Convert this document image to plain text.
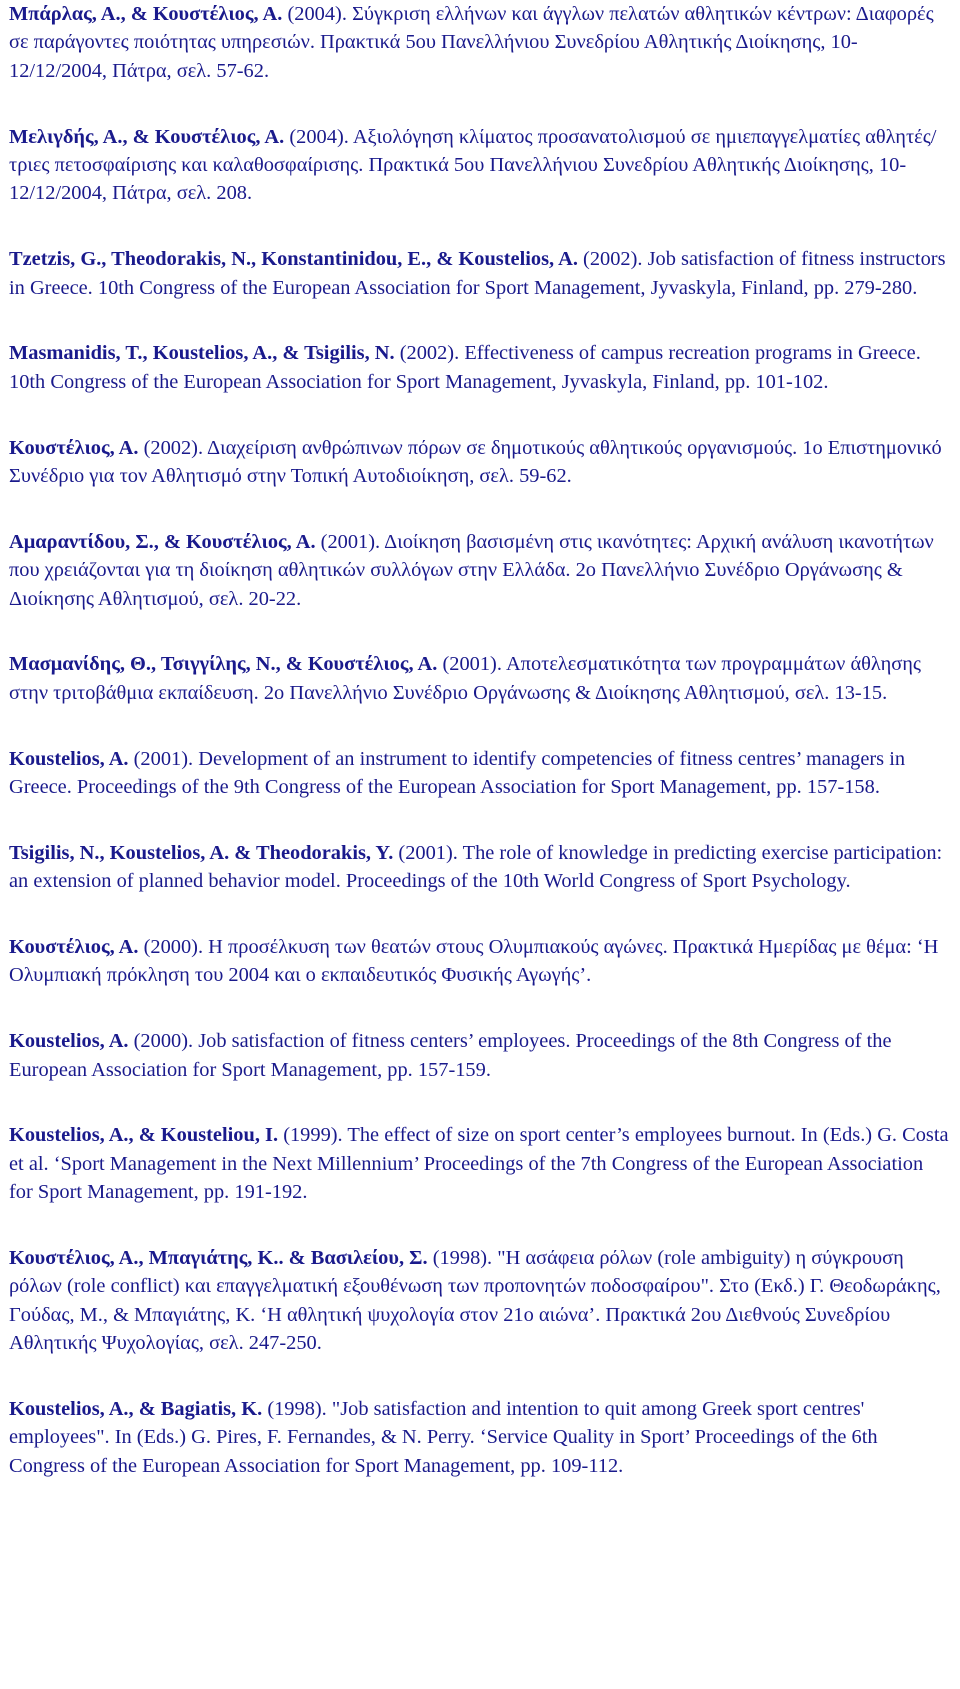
Μπάρλας, Α., & Κουστέλιος, Α. (2004). Σύγκριση ελλήνων και άγγλων πελατών αθλητικών κέντρων: Διαφορές σε παράγοντες ποιότητας υπηρεσιών. Πρακτικά 5ου Πανελλήνιου Συνεδρίου Αθλητικής Διοίκησης, 10-12/12/2004, Πάτρα, σελ. 57-62.

Μελιγδής, Α., & Κουστέλιος, Α. (2004). Αξιολόγηση κλίματος προσανατολισμού σε ημιεπαγγελματίες αθλητές/τριες πετοσφαίρισης και καλαθοσφαίρισης. Πρακτικά 5ου Πανελλήνιου Συνεδρίου Αθλητικής Διοίκησης, 10-12/12/2004, Πάτρα, σελ. 208.

Tzetzis, G., Theodorakis, N., Konstantinidou, E., & Koustelios, A. (2002). Job satisfaction of fitness instructors in Greece. 10th Congress of the European Association for Sport Management, Jyvaskyla, Finland, pp. 279-280.

Masmanidis, T., Koustelios, A., & Tsigilis, N. (2002). Effectiveness of campus recreation programs in Greece. 10th Congress of the European Association for Sport Management, Jyvaskyla, Finland, pp. 101-102.

Κουστέλιος, Α. (2002). Διαχείριση ανθρώπινων πόρων σε δημοτικούς αθλητικούς οργανισμούς. 1ο Επιστημονικό Συνέδριο για τον Αθλητισμό στην Τοπική Αυτοδιοίκηση, σελ. 59-62.

Αμαραντίδου, Σ., & Κουστέλιος, Α. (2001). Διοίκηση βασισμένη στις ικανότητες: Αρχική ανάλυση ικανοτήτων που χρειάζονται για τη διοίκηση αθλητικών συλλόγων στην Ελλάδα. 2ο Πανελλήνιο Συνέδριο Οργάνωσης & Διοίκησης Αθλητισμού, σελ. 20-22.

Μασμανίδης, Θ., Τσιγγίλης, Ν., & Κουστέλιος, Α. (2001). Αποτελεσματικότητα των προγραμμάτων άθλησης στην τριτοβάθμια εκπαίδευση. 2ο Πανελλήνιο Συνέδριο Οργάνωσης & Διοίκησης Αθλητισμού, σελ. 13-15.

Koustelios, A. (2001). Development of an instrument to identify competencies of fitness centres’ managers in Greece. Proceedings of the 9th Congress of the European Association for Sport Management, pp. 157-158.

Tsigilis, N., Koustelios, A. & Theodorakis, Y. (2001). The role of knowledge in predicting exercise participation: an extension of planned behavior model. Proceedings of the 10th World Congress of Sport Psychology.

Κουστέλιος, Α. (2000). Η προσέλκυση των θεατών στους Ολυμπιακούς αγώνες. Πρακτικά Ημερίδας με θέμα: ‘Η Ολυμπιακή πρόκληση του 2004 και ο εκπαιδευτικός Φυσικής Αγωγής’.

Koustelios, A. (2000). Job satisfaction of fitness centers’ employees. Proceedings of the 8th Congress of the European Association for Sport Management, pp. 157-159.

Koustelios, A., & Kousteliou, I. (1999). The effect of size on sport center’s employees burnout. In (Eds.) G. Costa et al. ‘Sport Management in the Next Millennium’ Proceedings of the 7th Congress of the European Association for Sport Management, pp. 191-192.

Κουστέλιος, Α., Μπαγιάτης, Κ.. & Βασιλείου, Σ. (1998). "Η ασάφεια ρόλων (role ambiguity) η σύγκρουση ρόλων (role conflict) και επαγγελματική εξουθένωση των προπονητών ποδοσφαίρου". Στο (Εκδ.) Γ. Θεοδωράκης, Γούδας, Μ., & Μπαγιάτης, Κ. ‘Η αθλητική ψυχολογία στον 21ο αιώνα’. Πρακτικά 2ου Διεθνούς Συνεδρίου Αθλητικής Ψυχολογίας, σελ. 247-250.

Koustelios, A., & Bagiatis, K. (1998). "Job satisfaction and intention to quit among Greek sport centres' employees". In (Eds.) G. Pires, F. Fernandes, & N. Perry. ‘Service Quality in Sport’ Proceedings of the 6th Congress of the European Association for Sport Management, pp. 109-112.
